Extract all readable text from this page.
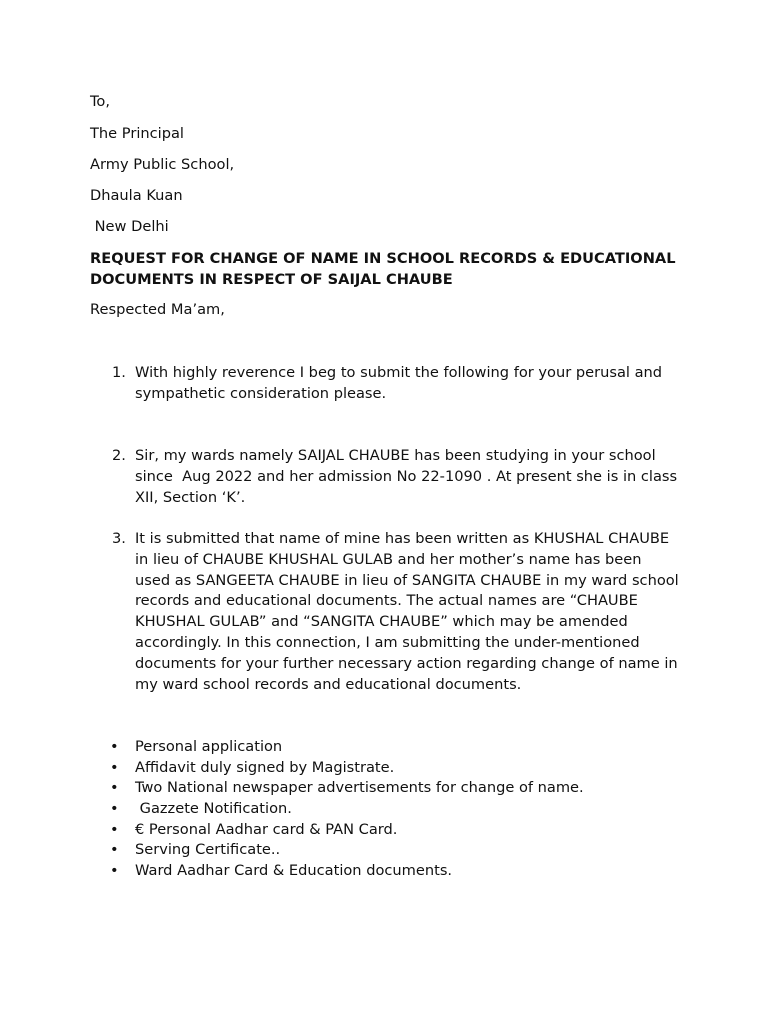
To,
The Principal
Army Public School,
Dhaula Kuan
New Delhi
REQUEST FOR CHANGE OF NAME IN SCHOOL RECORDS & EDUCATIONAL DOCUMENTS IN RESPECT OF SAIJAL CHAUBE
Respected Ma’am,
1. With highly reverence I beg to submit the following for your perusal and sympathetic consideration please.
2. Sir, my wards namely SAIJAL CHAUBE has been studying in your school since  Aug 2022 and her admission No 22-1090 . At present she is in class XII, Section ‘K’.
3. It is submitted that name of mine has been written as KHUSHAL CHAUBE in lieu of CHAUBE KHUSHAL GULAB and her mother’s name has been used as SANGEETA CHAUBE in lieu of SANGITA CHAUBE in my ward school records and educational documents. The actual names are “CHAUBE KHUSHAL GULAB” and “SANGITA CHAUBE” which may be amended accordingly. In this connection, I am submitting the under-mentioned documents for your further necessary action regarding change of name in my ward school records and educational documents.
• Personal application
• Affidavit duly signed by Magistrate.
• Two National newspaper advertisements for change of name.
• Gazzete Notification.
• € Personal Aadhar card & PAN Card.
• Serving Certificate..
• Ward Aadhar Card & Education documents.
